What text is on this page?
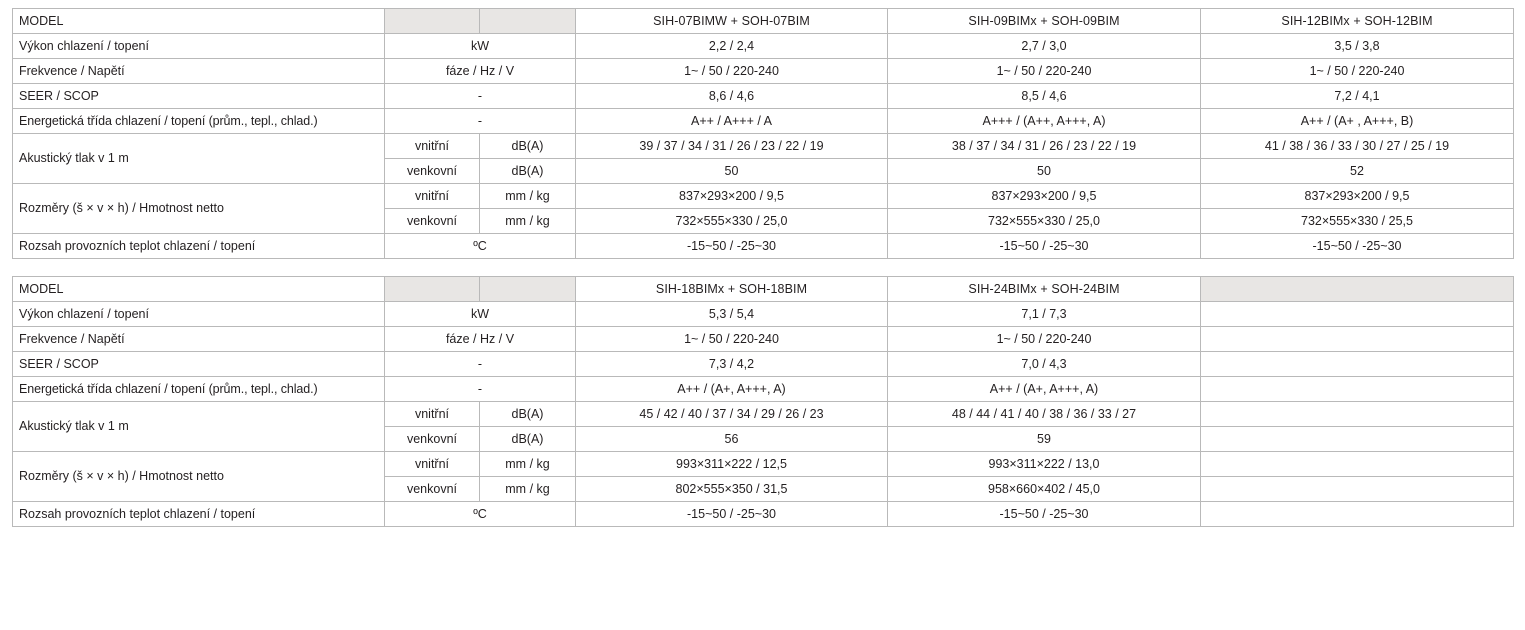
MODEL			SIH-07BIMW + SOH-07BIM	SIH-09BIMx + SOH-09BIM	SIH-12BIMx + SOH-12BIM
Výkon chlazení / topení	kW		2,2 / 2,4	2,7 / 3,0	3,5 / 3,8
Frekvence / Napětí	fáze / Hz / V		1~ / 50 / 220-240	1~ / 50 / 220-240	1~ / 50 / 220-240
SEER / SCOP	-		8,6 / 4,6	8,5 / 4,6	7,2 / 4,1
Energetická třída chlazení / topení (prům., tepl., chlad.)	-		A++ / A+++ / A	A+++ / (A++, A+++, A)	A++ / (A+ , A+++, B)
Akustický tlak v 1 m	vnitřní	dB(A)	39 / 37 / 34 / 31 / 26 / 23 / 22 / 19	38 / 37 / 34 / 31 / 26 / 23 / 22 / 19	41 / 38 / 36 / 33 / 30 / 27 / 25 / 19
	venkovní	dB(A)	50	50	52
Rozměry (š × v × h) / Hmotnost netto	vnitřní	mm / kg	837×293×200 / 9,5	837×293×200 / 9,5	837×293×200 / 9,5
	venkovní	mm / kg	732×555×330 / 25,0	732×555×330 / 25,0	732×555×330 / 25,5
Rozsah provozních teplot chlazení / topení	ºC		-15~50 / -25~30	-15~50 / -25~30	-15~50 / -25~30
MODEL			SIH-18BIMx + SOH-18BIM	SIH-24BIMx + SOH-24BIM	
Výkon chlazení / topení	kW		5,3 / 5,4	7,1 / 7,3	
Frekvence / Napětí	fáze / Hz / V		1~ / 50 / 220-240	1~ / 50 / 220-240	
SEER / SCOP	-		7,3 / 4,2	7,0 / 4,3	
Energetická třída chlazení / topení (prům., tepl., chlad.)	-		A++ / (A+, A+++, A)	A++ / (A+, A+++, A)	
Akustický tlak v 1 m	vnitřní	dB(A)	45 / 42 / 40 / 37 / 34 / 29 / 26 / 23	48 / 44 / 41 / 40 / 38 / 36 / 33 / 27	
	venkovní	dB(A)	56	59	
Rozměry (š × v × h) / Hmotnost netto	vnitřní	mm / kg	993×311×222 / 12,5	993×311×222 / 13,0	
	venkovní	mm / kg	802×555×350 / 31,5	958×660×402 / 45,0	
Rozsah provozních teplot chlazení / topení	ºC		-15~50 / -25~30	-15~50 / -25~30	
